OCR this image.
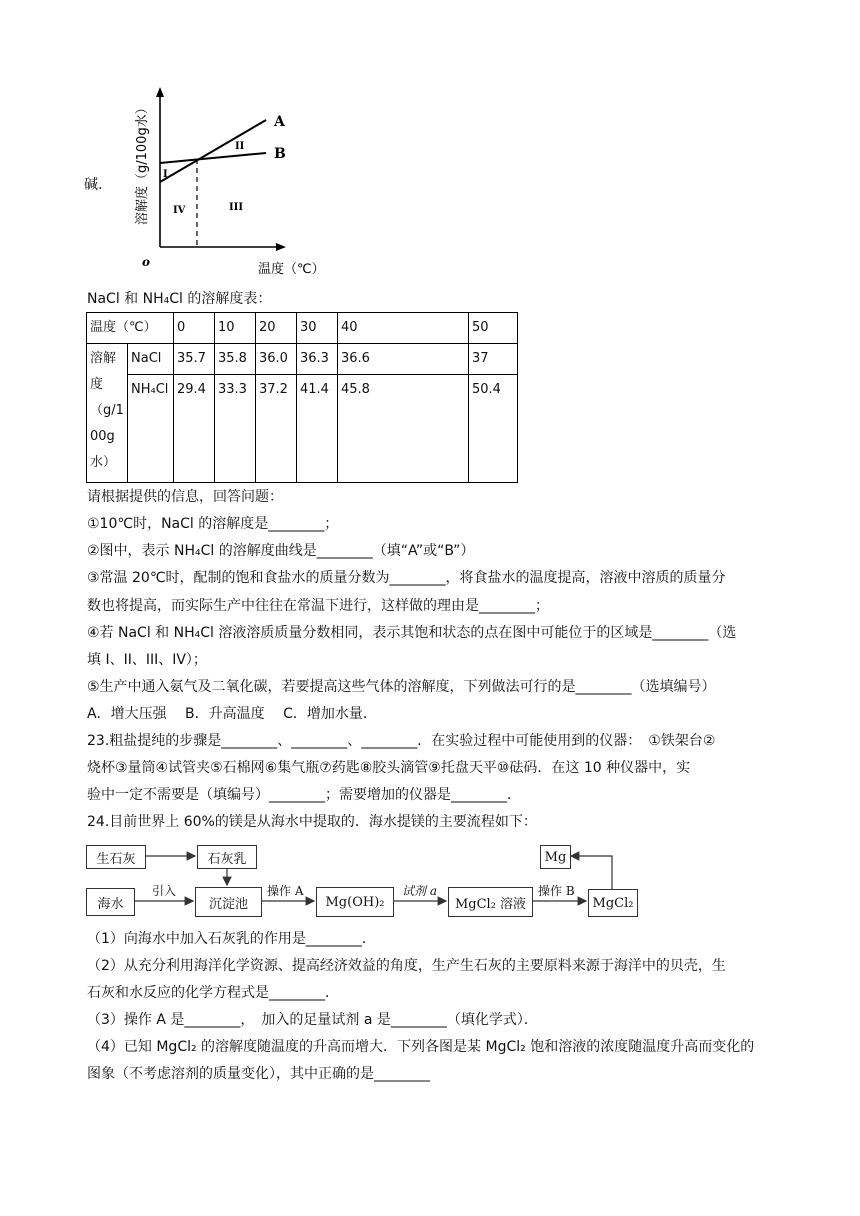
碱.
A
B
I
II
III
IV
o	温度（℃）
溶解度（g/100g水）
NaCl 和 NH₄Cl 的溶解度表：
温度（℃）		0	10	20	30	40	50

溶解
度
（g/1
00g
水）	NaCl	35.7	35.8	36.0	36.3	36.6	37
	NH₄Cl	29.4	33.3	37.2	41.4	45.8	50.4
请根据提供的信息，回答问题：
①10℃时，NaCl 的溶解度是________；
②图中，表示 NH₄Cl 的溶解度曲线是________（填“A”或“B”）
③常温 20℃时，配制的饱和食盐水的质量分数为________，将食盐水的温度提高，溶液中溶质的质量分
数也将提高，而实际生产中往往在常温下进行，这样做的理由是________；
④若 NaCl 和 NH₄Cl 溶液溶质质量分数相同，表示其饱和状态的点在图中可能位于的区域是________（选
填 I、II、III、IV）；
⑤生产中通入氨气及二氧化碳，若要提高这些气体的溶解度，下列做法可行的是________（选填编号）
A．增大压强　 B．升高温度　 C．增加水量．
23.粗盐提纯的步骤是________、________、________．在实验过程中可能使用到的仪器：　①铁架台②
烧杯③量筒④试管夹⑤石棉网⑥集气瓶⑦药匙⑧胶头滴管⑨托盘天平⑩砝码．在这 10 种仪器中，实
验中一定不需要是（填编号）________；需要增加的仪器是________．
24.目前世界上 60%的镁是从海水中提取的．海水提镁的主要流程如下：
生石灰	石灰乳
海水	沉淀池	Mg(OH)₂	MgCl₂ 溶液	MgCl₂
Mg
引入	操作 A	试剂 a	操作 B
（1）向海水中加入石灰乳的作用是________．
（2）从充分利用海洋化学资源、提高经济效益的角度，生产生石灰的主要原料来源于海洋中的贝壳，生
石灰和水反应的化学方程式是________．
（3）操作 A 是________，　加入的足量试剂 a 是________（填化学式）．
（4）已知 MgCl₂ 的溶解度随温度的升高而增大．下列各图是某 MgCl₂ 饱和溶液的浓度随温度升高而变化的
图象（不考虑溶剂的质量变化），其中正确的是________
